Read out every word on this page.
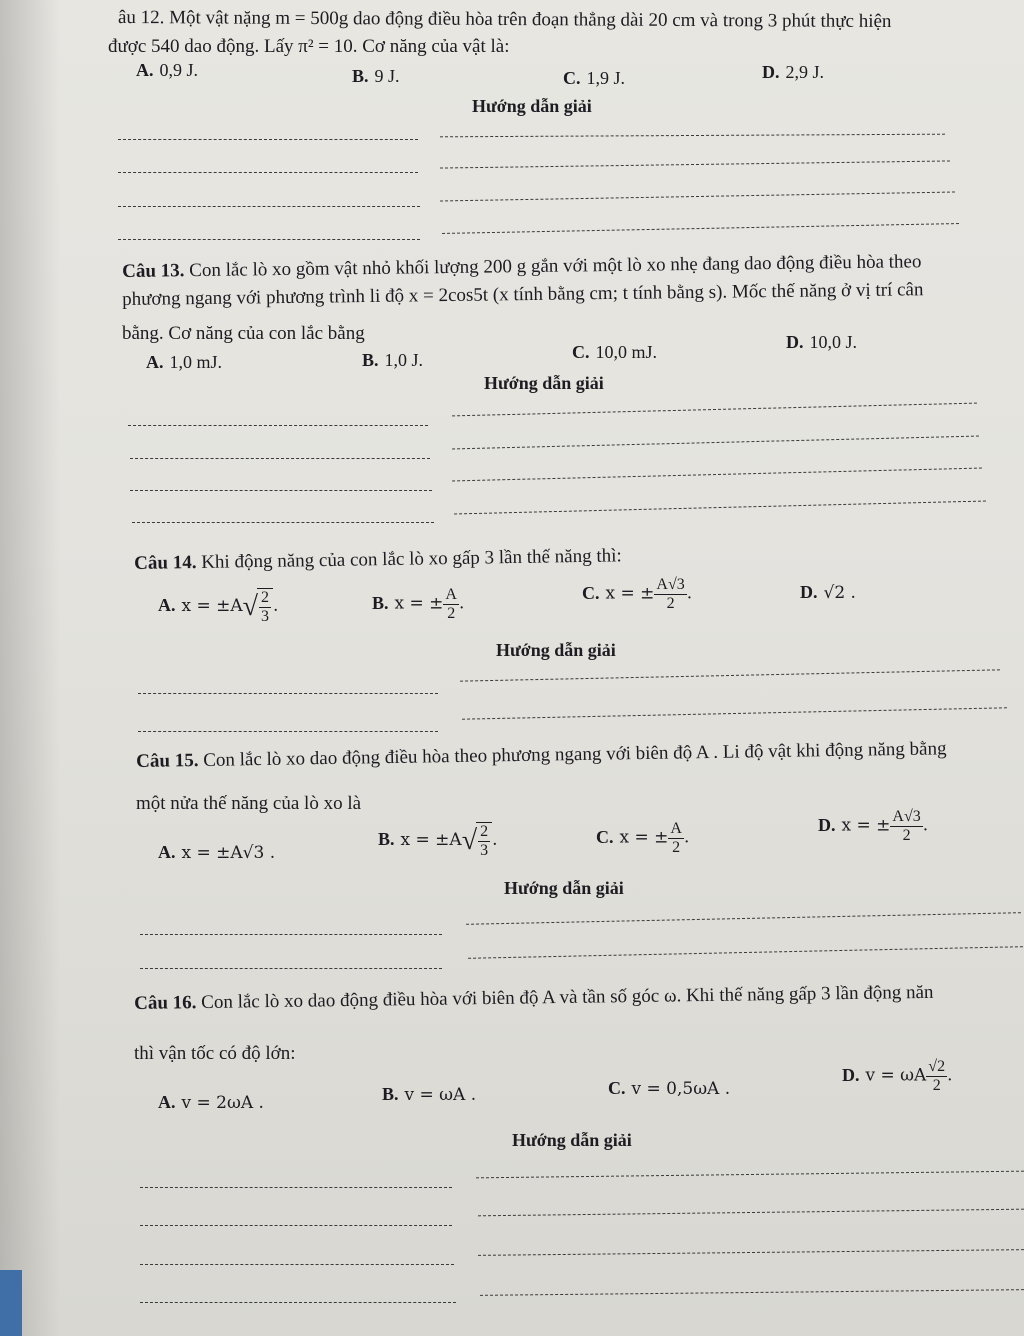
âu 12. Một vật nặng m = 500g dao động điều hòa trên đoạn thẳng dài 20 cm và trong 3 phút thực hiện
được 540 dao động. Lấy π² = 10. Cơ năng của vật là:
A. 0,9 J.	B. 9 J.	C. 1,9 J.	D. 2,9 J.
Hướng dẫn giải
Câu 13. Con lắc lò xo gồm vật nhỏ khối lượng 200 g gắn với một lò xo nhẹ đang dao động điều hòa theo
phương ngang với phương trình li độ x = 2cos5t (x tính bằng cm; t tính bằng s). Mốc thế năng ở vị trí cân
bằng. Cơ năng của con lắc bằng
A. 1,0 mJ.	B. 1,0 J.	C. 10,0 mJ.	D. 10,0 J.
Hướng dẫn giải
Câu 14. Khi động năng của con lắc lò xo gấp 3 lần thế năng thì:
A. x = ±A √ $\frac{2}{3}$ .	B. x = ± $\frac{A}{2}$ .
C. x = ± $\frac{A√3}{2}$ .	D. √2 .
Hướng dẫn giải
Câu 15. Con lắc lò xo dao động điều hòa theo phương ngang với biên độ A . Li độ vật khi động năng bằng
một nửa thế năng của lò xo là
A. x = ±A√3 .
B. x = ±A √ $\frac{2}{3}$ .	C. x = ± $\frac{A}{2}$ .
D. x = ± $\frac{A√3}{2}$ .
Hướng dẫn giải
Câu 16. Con lắc lò xo dao động điều hòa với biên độ A và tần số góc ω. Khi thế năng gấp 3 lần động năn
thì vận tốc có độ lớn:
A. v = 2ωA .	B. v = ωA .	C. v = 0,5ωA .
D. v = ωA $\frac{√2}{2}$ .
Hướng dẫn giải
